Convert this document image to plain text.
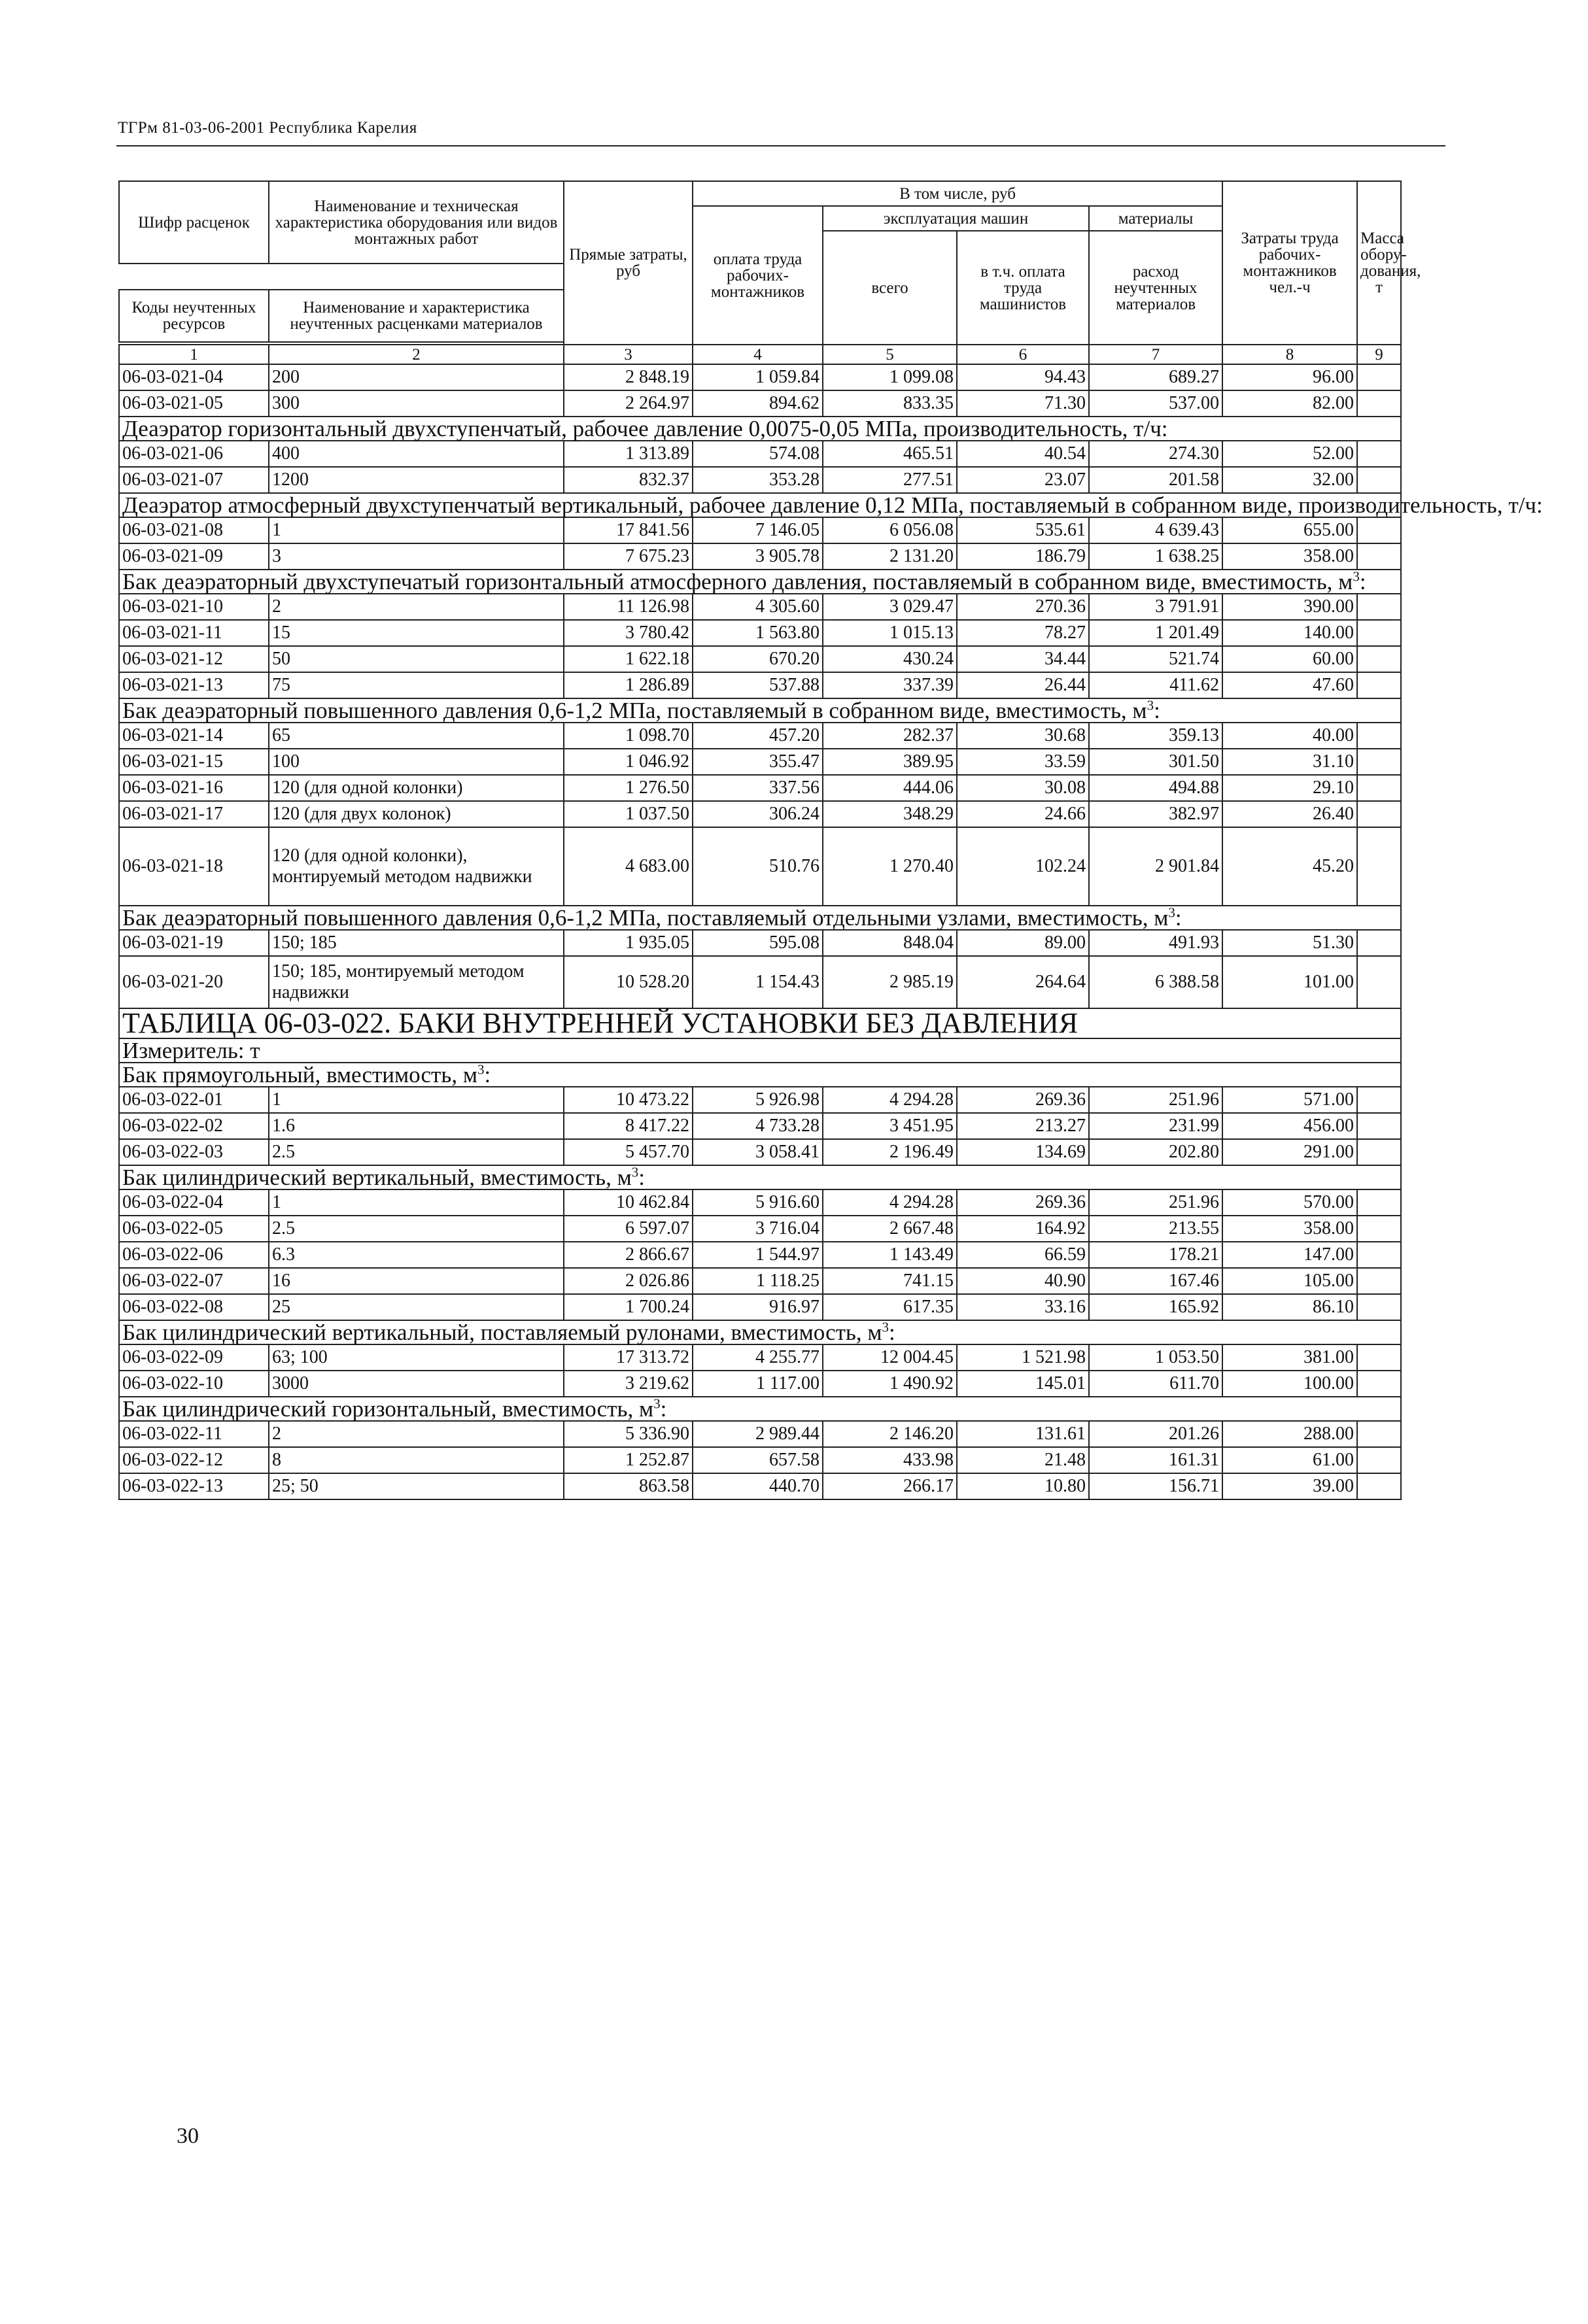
ТГРм 81-03-06-2001 Республика Карелия
Шифр расценок	Наименование и техническая характеристика оборудования или видов монтажных работ	Прямые затраты, руб	В том числе, руб				Затраты труда рабочих-монтажников чел.-ч	Масса обору-дования, т
			оплата труда рабочих-монтажников	эксплуатация машин		материалы		
				всего	в т.ч. оплата труда машинистов	расход неучтенных материалов		

Коды неучтенных ресурсов	Наименование и характеристика неучтенных расценками материалов							

1	2	3	4	5	6	7	8	9
06-03-021-04	200	2 848.19	1 059.84	1 099.08	94.43	689.27	96.00	
06-03-021-05	300	2 264.97	894.62	833.35	71.30	537.00	82.00	
Деаэратор горизонтальный двухступенчатый, рабочее давление 0,0075-0,05 МПа, производительность, т/ч:								
06-03-021-06	400	1 313.89	574.08	465.51	40.54	274.30	52.00	
06-03-021-07	1200	832.37	353.28	277.51	23.07	201.58	32.00	
Деаэратор атмосферный двухступенчатый вертикальный, рабочее давление 0,12 МПа, поставляемый в собранном виде, производительность, т/ч:								
06-03-021-08	1	17 841.56	7 146.05	6 056.08	535.61	4 639.43	655.00	
06-03-021-09	3	7 675.23	3 905.78	2 131.20	186.79	1 638.25	358.00	
Бак деаэраторный двухступечатый горизонтальный атмосферного давления, поставляемый в собранном виде, вместимость, $м^3$:								
06-03-021-10	2	11 126.98	4 305.60	3 029.47	270.36	3 791.91	390.00	
06-03-021-11	15	3 780.42	1 563.80	1 015.13	78.27	1 201.49	140.00	
06-03-021-12	50	1 622.18	670.20	430.24	34.44	521.74	60.00	
06-03-021-13	75	1 286.89	537.88	337.39	26.44	411.62	47.60	
Бак деаэраторный повышенного давления 0,6-1,2 МПа, поставляемый в собранном виде, вместимость, $м^3$:								
06-03-021-14	65	1 098.70	457.20	282.37	30.68	359.13	40.00	
06-03-021-15	100	1 046.92	355.47	389.95	33.59	301.50	31.10	
06-03-021-16	120 (для одной колонки)	1 276.50	337.56	444.06	30.08	494.88	29.10	
06-03-021-17	120 (для двух колонок)	1 037.50	306.24	348.29	24.66	382.97	26.40	
06-03-021-18	120 (для одной колонки), монтируемый методом надвижки	4 683.00	510.76	1 270.40	102.24	2 901.84	45.20	
Бак деаэраторный повышенного давления 0,6-1,2 МПа, поставляемый отдельными узлами, вместимость, $м^3$:								
06-03-021-19	150; 185	1 935.05	595.08	848.04	89.00	491.93	51.30	
06-03-021-20	150; 185, монтируемый методом надвижки	10 528.20	1 154.43	2 985.19	264.64	6 388.58	101.00	
ТАБЛИЦА 06-03-022. БАКИ ВНУТРЕННЕЙ УСТАНОВКИ БЕЗ ДАВЛЕНИЯ								
Измеритель: т								
Бак прямоугольный, вместимость, $м^3$:								
06-03-022-01	1	10 473.22	5 926.98	4 294.28	269.36	251.96	571.00	
06-03-022-02	1.6	8 417.22	4 733.28	3 451.95	213.27	231.99	456.00	
06-03-022-03	2.5	5 457.70	3 058.41	2 196.49	134.69	202.80	291.00	
Бак цилиндрический вертикальный, вместимость, $м^3$:								
06-03-022-04	1	10 462.84	5 916.60	4 294.28	269.36	251.96	570.00	
06-03-022-05	2.5	6 597.07	3 716.04	2 667.48	164.92	213.55	358.00	
06-03-022-06	6.3	2 866.67	1 544.97	1 143.49	66.59	178.21	147.00	
06-03-022-07	16	2 026.86	1 118.25	741.15	40.90	167.46	105.00	
06-03-022-08	25	1 700.24	916.97	617.35	33.16	165.92	86.10	
Бак цилиндрический вертикальный, поставляемый рулонами, вместимость, $м^3$:								
06-03-022-09	63; 100	17 313.72	4 255.77	12 004.45	1 521.98	1 053.50	381.00	
06-03-022-10	3000	3 219.62	1 117.00	1 490.92	145.01	611.70	100.00	
Бак цилиндрический горизонтальный, вместимость, $м^3$:								
06-03-022-11	2	5 336.90	2 989.44	2 146.20	131.61	201.26	288.00	
06-03-022-12	8	1 252.87	657.58	433.98	21.48	161.31	61.00	
06-03-022-13	25; 50	863.58	440.70	266.17	10.80	156.71	39.00	
30
